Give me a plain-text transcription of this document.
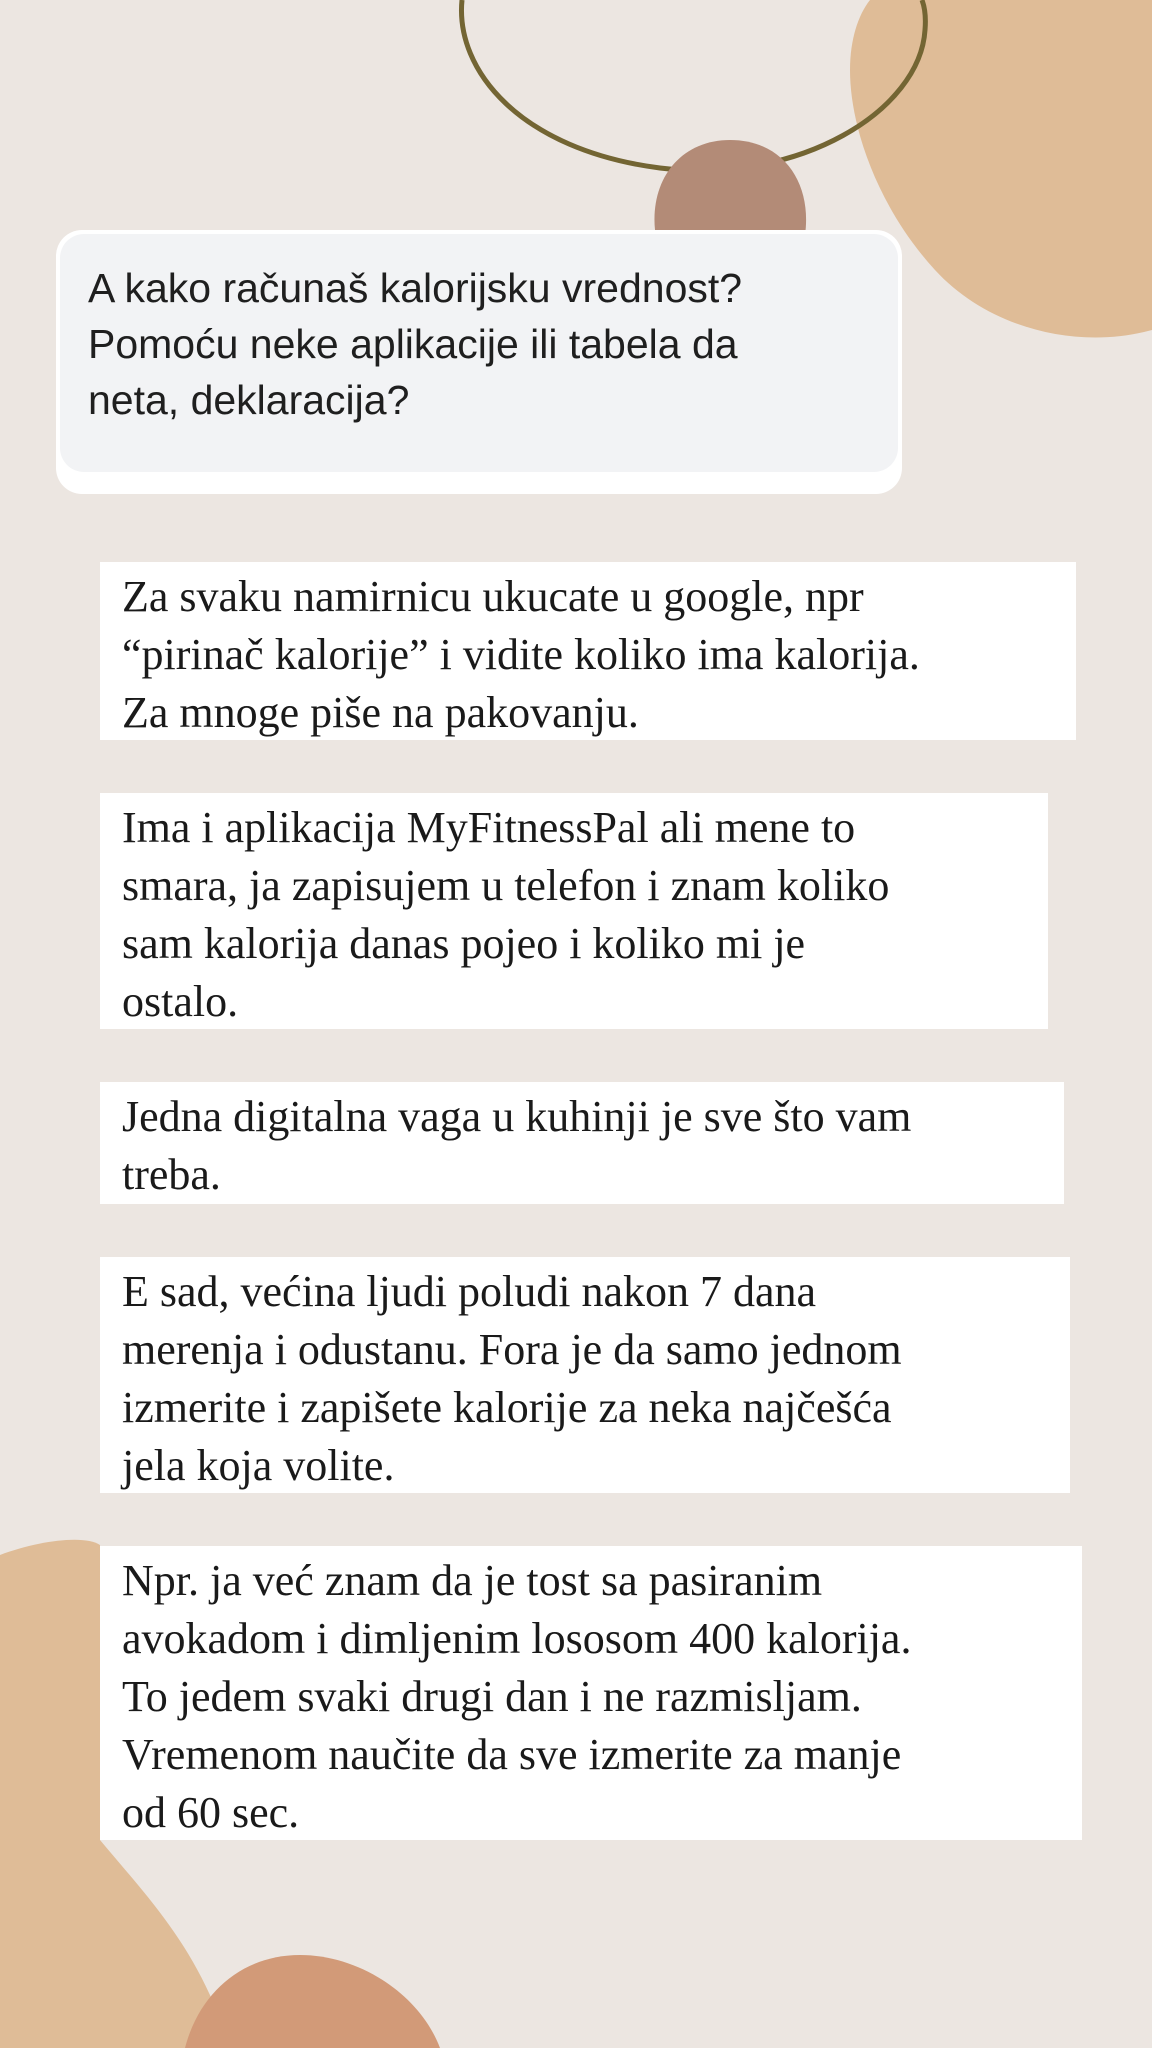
A kako računaš kalorijsku vrednost?
Pomoću neke aplikacije ili tabela da
neta, deklaracija?

Za svaku namirnicu ukucate u google, npr
“pirinač kalorije” i vidite koliko ima kalorija.
Za mnoge piše na pakovanju.

Ima i aplikacija MyFitnessPal ali mene to
smara, ja zapisujem u telefon i znam koliko
sam kalorija danas pojeo i koliko mi je
ostalo.

Jedna digitalna vaga u kuhinji je sve što vam
treba.

E sad, većina ljudi poludi nakon 7 dana
merenja i odustanu. Fora je da samo jednom
izmerite i zapišete kalorije za neka najčešća
jela koja volite.

Npr. ja već znam da je tost sa pasiranim
avokadom i dimljenim lososom 400 kalorija.
To jedem svaki drugi dan i ne razmisljam.
Vremenom naučite da sve izmerite za manje
od 60 sec.
